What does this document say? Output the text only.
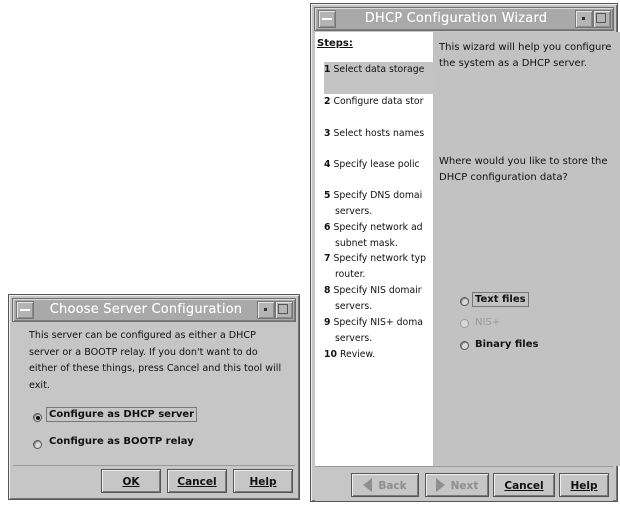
Choose Server Configuration
This server can be configured as either a DHCP server or a BOOTP relay. If you don't want to do either of these things, press Cancel and this tool will exit.
Configure as DHCP server
Configure as BOOTP relay
OK	Cancel	Help
DHCP Configuration Wizard
Steps:
1 Select data storage
2 Configure data stor
3 Select hosts names
4 Specify lease polic
5 Specify DNS domai
servers.
6 Specify network ad
subnet mask.
7 Specify network typ
router.
8 Specify NIS domair
servers.
9 Specify NIS+ doma
servers.
10 Review.
This wizard will help you configure the system as a DHCP server.
Where would you like to store the DHCP configuration data?
Text files
NIS+
Binary files
Back	Next	Cancel	Help
